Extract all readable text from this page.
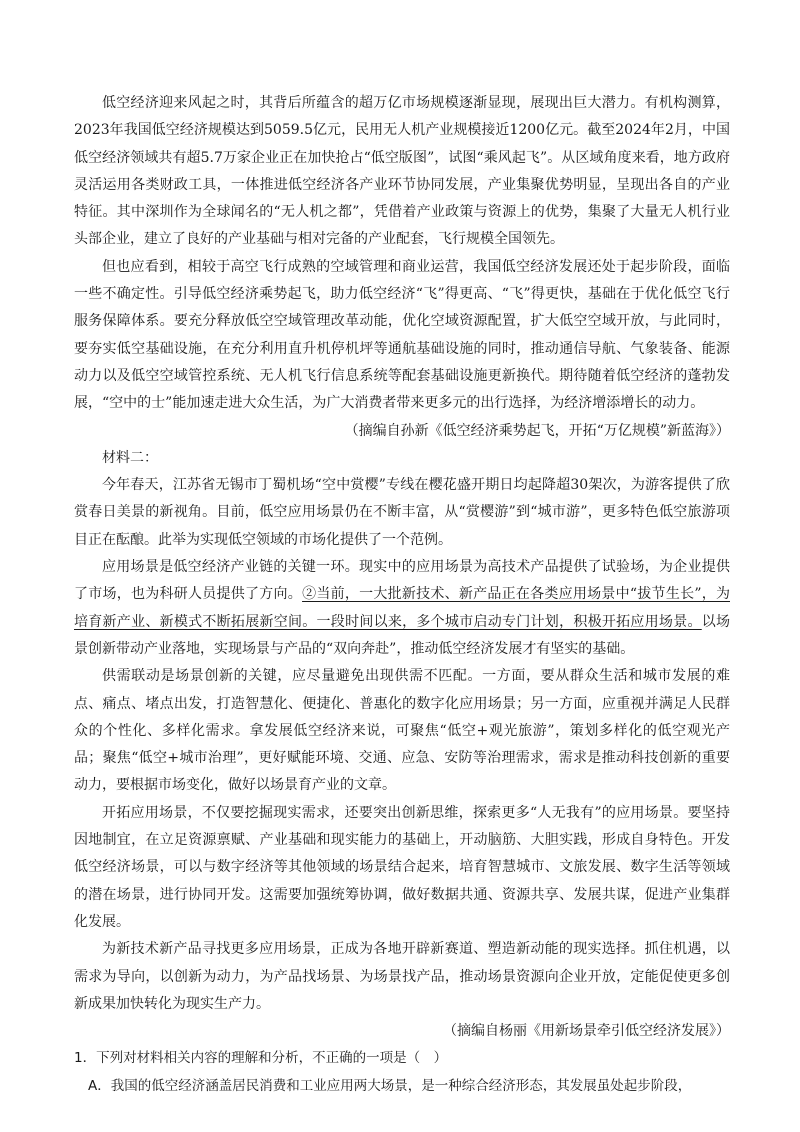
低空经济迎来风起之时，其背后所蕴含的超万亿市场规模逐渐显现，展现出巨大潜力。有机构测算，2023年我国低空经济规模达到5059.5亿元，民用无人机产业规模接近1200亿元。截至2024年2月，中国低空经济领域共有超5.7万家企业正在加快抢占“低空版图”，试图“乘风起飞”。从区域角度来看，地方政府灵活运用各类财政工具，一体推进低空经济各产业环节协同发展，产业集聚优势明显，呈现出各自的产业特征。其中深圳作为全球闻名的“无人机之都”，凭借着产业政策与资源上的优势，集聚了大量无人机行业头部企业，建立了良好的产业基础与相对完备的产业配套，飞行规模全国领先。

但也应看到，相较于高空飞行成熟的空域管理和商业运营，我国低空经济发展还处于起步阶段，面临一些不确定性。引导低空经济乘势起飞，助力低空经济“飞”得更高、“飞”得更快，基础在于优化低空飞行服务保障体系。要充分释放低空空域管理改革动能，优化空域资源配置，扩大低空空域开放，与此同时，要夯实低空基础设施，在充分利用直升机停机坪等通航基础设施的同时，推动通信导航、气象装备、能源动力以及低空空域管控系统、无人机飞行信息系统等配套基础设施更新换代。期待随着低空经济的蓬勃发展，“空中的士”能加速走进大众生活，为广大消费者带来更多元的出行选择，为经济增添增长的动力。

（摘编自孙新《低空经济乘势起飞，开拓“万亿规模”新蓝海》）

材料二：

今年春天，江苏省无锡市丁蜀机场“空中赏樱”专线在樱花盛开期日均起降超30架次，为游客提供了欣赏春日美景的新视角。目前，低空应用场景仍在不断丰富，从“赏樱游”到“城市游”，更多特色低空旅游项目正在酝酿。此举为实现低空领域的市场化提供了一个范例。

应用场景是低空经济产业链的关键一环。现实中的应用场景为高技术产品提供了试验场，为企业提供了市场，也为科研人员提供了方向。②当前，一大批新技术、新产品正在各类应用场景中“拔节生长”，为培育新产业、新模式不断拓展新空间。一段时间以来，多个城市启动专门计划，积极开拓应用场景。以场景创新带动产业落地，实现场景与产品的“双向奔赴”，推动低空经济发展才有坚实的基础。

供需联动是场景创新的关键，应尽量避免出现供需不匹配。一方面，要从群众生活和城市发展的难点、痛点、堵点出发，打造智慧化、便捷化、普惠化的数字化应用场景；另一方面，应重视并满足人民群众的个性化、多样化需求。拿发展低空经济来说，可聚焦“低空+观光旅游”，策划多样化的低空观光产品；聚焦“低空+城市治理”，更好赋能环境、交通、应急、安防等治理需求，需求是推动科技创新的重要动力，要根据市场变化，做好以场景育产业的文章。

开拓应用场景，不仅要挖掘现实需求，还要突出创新思维，探索更多“人无我有”的应用场景。要坚持因地制宜，在立足资源禀赋、产业基础和现实能力的基础上，开动脑筋、大胆实践，形成自身特色。开发低空经济场景，可以与数字经济等其他领域的场景结合起来，培育智慧城市、文旅发展、数字生活等领域的潜在场景，进行协同开发。这需要加强统筹协调，做好数据共通、资源共享、发展共谋，促进产业集群化发展。

为新技术新产品寻找更多应用场景，正成为各地开辟新赛道、塑造新动能的现实选择。抓住机遇，以需求为导向，以创新为动力，为产品找场景、为场景找产品，推动场景资源向企业开放，定能促使更多创新成果加快转化为现实生产力。

（摘编自杨丽《用新场景牵引低空经济发展》）

1．下列对材料相关内容的理解和分析，不正确的一项是（　）

A．我国的低空经济涵盖居民消费和工业应用两大场景，是一种综合经济形态，其发展虽处起步阶段，
